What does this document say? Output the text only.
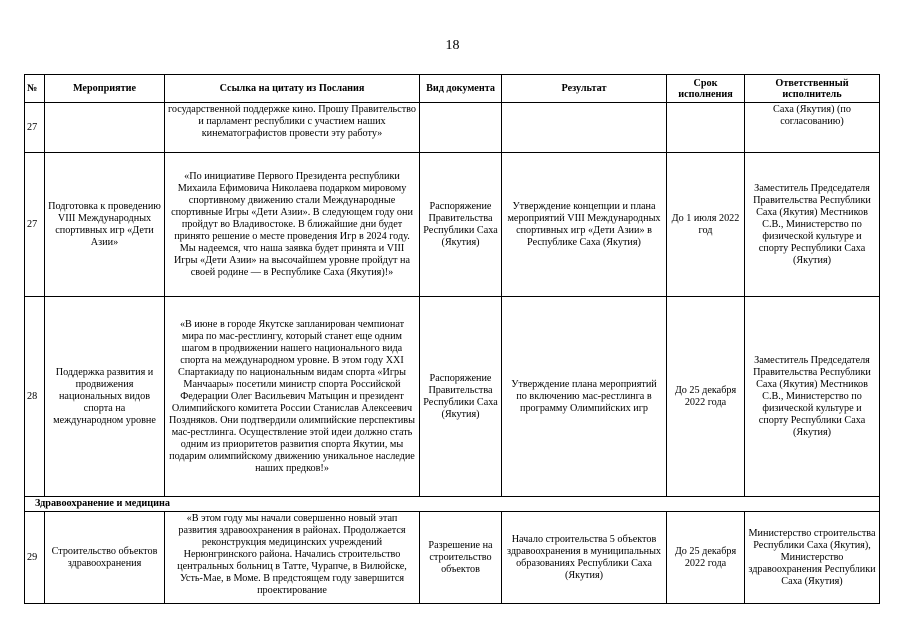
18
№	Мероприятие	Ссылка на цитату из Послания	Вид документа	Результат	Срок исполнения	Ответственный исполнитель
27		государственной поддержке кино. Прошу Правительство и парламент республики с участием наших кинематографистов провести эту работу»				Саха (Якутия) (по согласованию)
27	Подготовка к проведению VIII Международных спортивных игр «Дети Азии»	«По инициативе Первого Президента республики Михаила Ефимовича Николаева подарком мировому спортивному движению стали Международные спортивные Игры «Дети Азии». В следующем году они пройдут во Владивостоке. В ближайшие дни будет принято решение о месте проведения Игр в 2024 году. Мы надеемся, что наша заявка будет принята и VIII Игры «Дети Азии» на высочайшем уровне пройдут на своей родине — в Республике Саха (Якутия)!»	Распоряжение Правительства Республики Саха (Якутия)	Утверждение концепции и плана мероприятий VIII Международных спортивных игр «Дети Азии» в Республике Саха (Якутия)	До 1 июля 2022 год	Заместитель Председателя Правительства Республики Саха (Якутия) Местников С.В., Министерство по физической культуре и спорту Республики Саха (Якутия)
28	Поддержка развития и продвижения национальных видов спорта на международном уровне	«В июне в городе Якутске запланирован чемпионат мира по мас-рестлингу, который станет еще одним шагом в продвижении нашего национального вида спорта на международном уровне. В этом году XXI Спартакиаду по национальным видам спорта «Игры Манчаары» посетили министр спорта Российской Федерации Олег Васильевич Матыцин и президент Олимпийского комитета России Станислав Алексеевич Поздняков. Они подтвердили олимпийские перспективы мас-рестлинга. Осуществление этой идеи должно стать одним из приоритетов развития спорта Якутии, мы подарим олимпийскому движению уникальное наследие наших предков!»	Распоряжение Правительства Республики Саха (Якутия)	Утверждение плана мероприятий по включению мас-рестлинга в программу Олимпийских игр	До 25 декабря 2022 года	Заместитель Председателя Правительства Республики Саха (Якутия) Местников С.В., Министерство по физической культуре и спорту Республики Саха (Якутия)
Здравоохранение и медицина						
29	Строительство объектов здравоохранения	«В этом году мы начали совершенно новый этап развития здравоохранения в районах. Продолжается реконструкция медицинских учреждений Нерюнгринского района. Начались строительство центральных больниц в Татте, Чурапче, в Вилюйске, Усть-Мае, в Моме. В предстоящем году завершится проектирование	Разрешение на строительство объектов	Начало строительства 5 объектов здравоохранения в муниципальных образованиях Республики Саха (Якутия)	До 25 декабря 2022 года	Министерство строительства Республики Саха (Якутия), Министерство здравоохранения Республики Саха (Якутия)
